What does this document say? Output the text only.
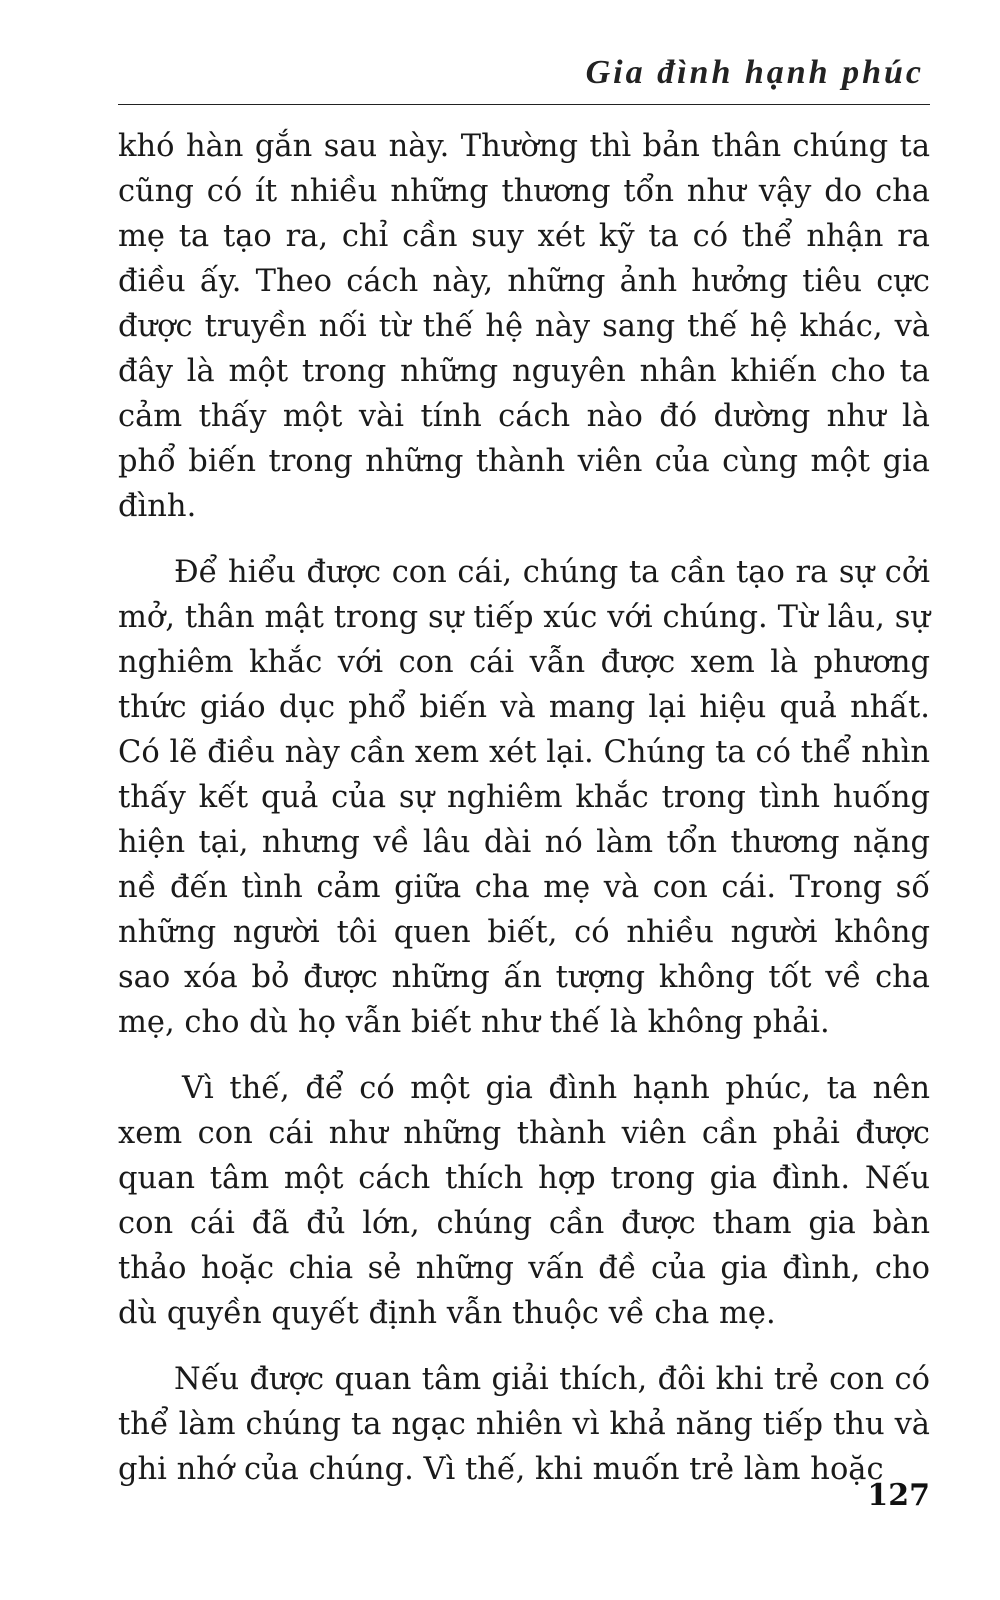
Gia đình hạnh phúc

khó hàn gắn sau này. Thường thì bản thân chúng ta cũng có ít nhiều những thương tổn như vậy do cha mẹ ta tạo ra, chỉ cần suy xét kỹ ta có thể nhận ra điều ấy. Theo cách này, những ảnh hưởng tiêu cực được truyền nối từ thế hệ này sang thế hệ khác, và đây là một trong những nguyên nhân khiến cho ta cảm thấy một vài tính cách nào đó dường như là phổ biến trong những thành viên của cùng một gia đình.

Để hiểu được con cái, chúng ta cần tạo ra sự cởi mở, thân mật trong sự tiếp xúc với chúng. Từ lâu, sự nghiêm khắc với con cái vẫn được xem là phương thức giáo dục phổ biến và mang lại hiệu quả nhất. Có lẽ điều này cần xem xét lại. Chúng ta có thể nhìn thấy kết quả của sự nghiêm khắc trong tình huống hiện tại, nhưng về lâu dài nó làm tổn thương nặng nề đến tình cảm giữa cha mẹ và con cái. Trong số những người tôi quen biết, có nhiều người không sao xóa bỏ được những ấn tượng không tốt về cha mẹ, cho dù họ vẫn biết như thế là không phải.

Vì thế, để có một gia đình hạnh phúc, ta nên xem con cái như những thành viên cần phải được quan tâm một cách thích hợp trong gia đình. Nếu con cái đã đủ lớn, chúng cần được tham gia bàn thảo hoặc chia sẻ những vấn đề của gia đình, cho dù quyền quyết định vẫn thuộc về cha mẹ.

Nếu được quan tâm giải thích, đôi khi trẻ con có thể làm chúng ta ngạc nhiên vì khả năng tiếp thu và ghi nhớ của chúng. Vì thế, khi muốn trẻ làm hoặc

127
